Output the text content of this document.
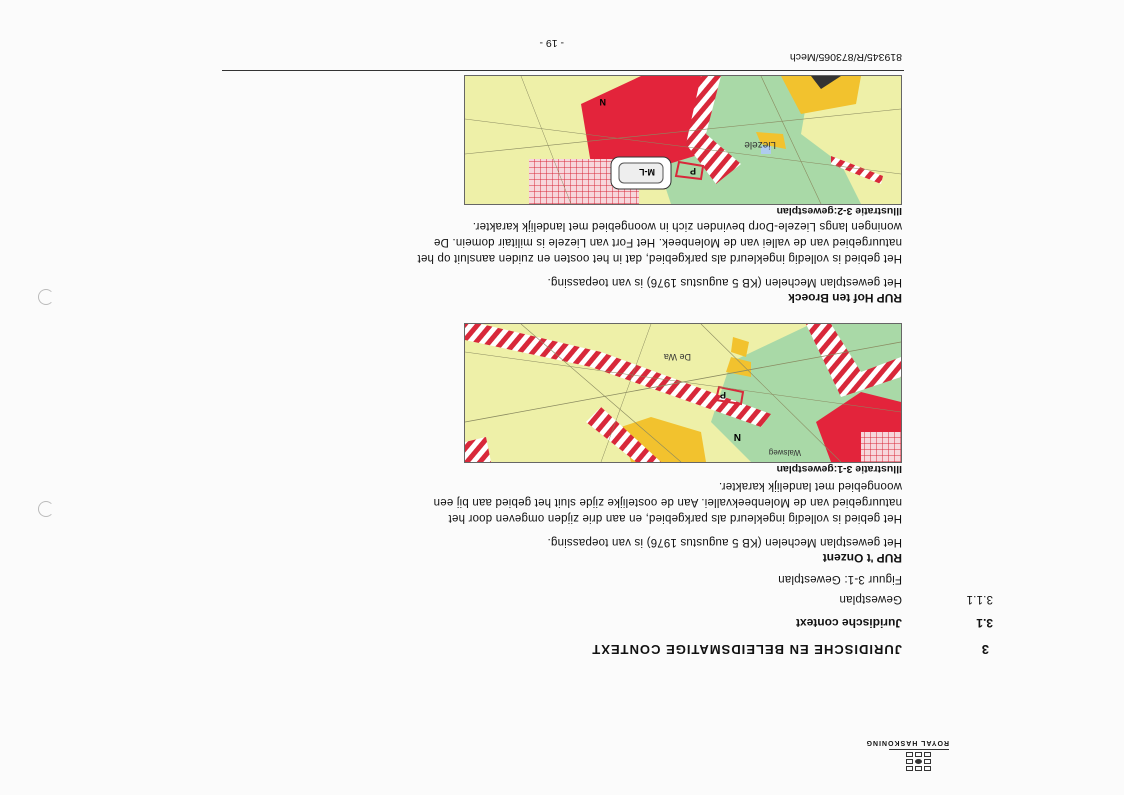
ROYAL HASKONING
3
JURIDISCHE EN BELEIDSMATIGE CONTEXT
3.1
Juridische context
3.1.1
Gewestplan
Figuur 3-1: Gewestplan
RUP 't Onzent
Het gewestplan Mechelen (KB 5 augustus 1976) is van toepassing.
Het gebied is volledig ingekleurd als parkgebied, en aan drie zijden omgeven door het
natuurgebied van de Molenbeekvallei. Aan de oostelijke zijde sluit het gebied aan bij een
woongebied met landelijk karakter.
Illustratie 3-1:gewestplan
N
P
De Wa
Walsweg
RUP Hof ten Broeck
Het gewestplan Mechelen (KB 5 augustus 1976) is van toepassing.
Het gebied is volledig ingekleurd als parkgebied, dat in het oosten en zuiden aansluit op het
natuurgebied van de vallei van de Molenbeek. Het Fort van Liezele is militair domein. De
woningen langs Liezele-Dorp bevinden zich in woongebied met landelijk karakter.
Illustratie 3-2:gewestplan
N
P
Liezele
M-L
819345/R/873065/Mech
- 19 -
